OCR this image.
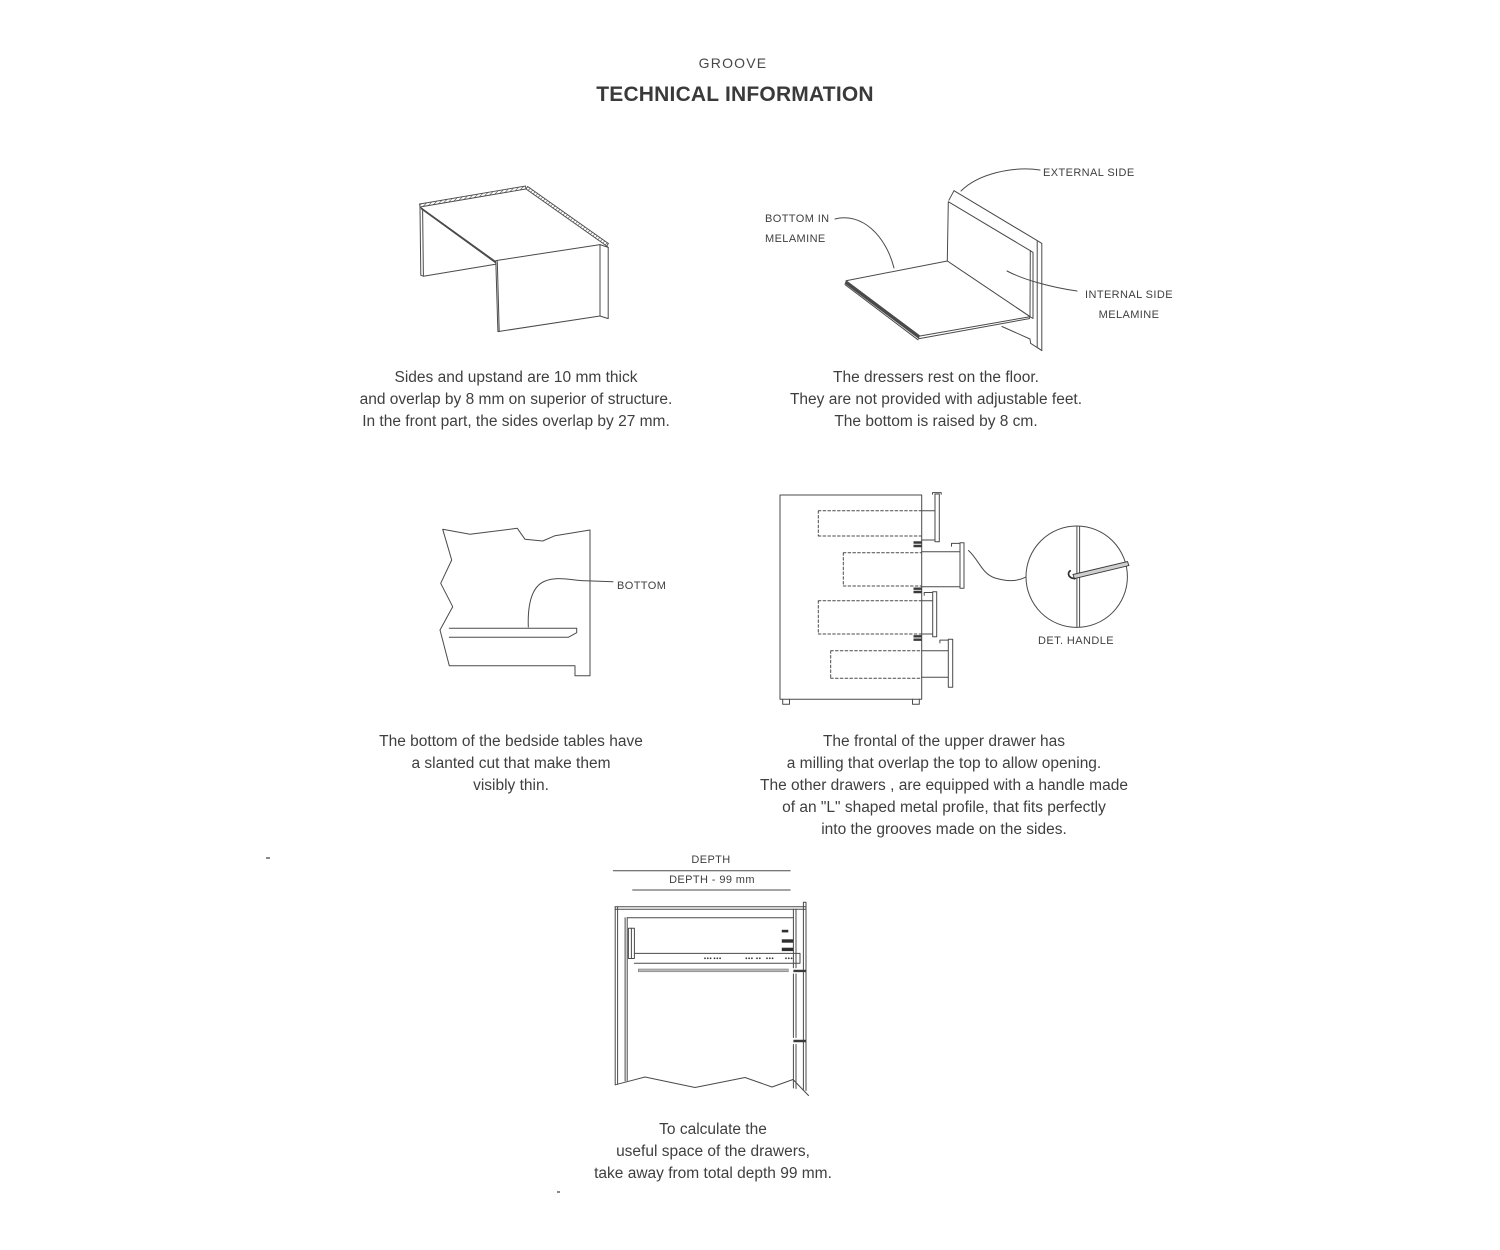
GROOVE
TECHNICAL INFORMATION
EXTERNAL SIDE
BOTTOM IN
MELAMINE
INTERNAL SIDE
MELAMINE
BOTTOM
DET. HANDLE
DEPTH
DEPTH - 99 mm
Sides and upstand are 10 mm thick
and overlap by 8 mm on superior of structure.
In the front part, the sides overlap by 27 mm.
The dressers rest on the floor.
They are not provided with adjustable feet.
The bottom is raised by 8 cm.
The bottom of the bedside tables have
a slanted cut that make them
visibly thin.
The frontal of the upper drawer has
a milling that overlap the top to allow opening.
The other drawers , are equipped with a handle made
of an "L" shaped metal profile, that fits perfectly
into the grooves made on the sides.
To calculate the
useful space of the drawers,
take away from total depth 99 mm.
